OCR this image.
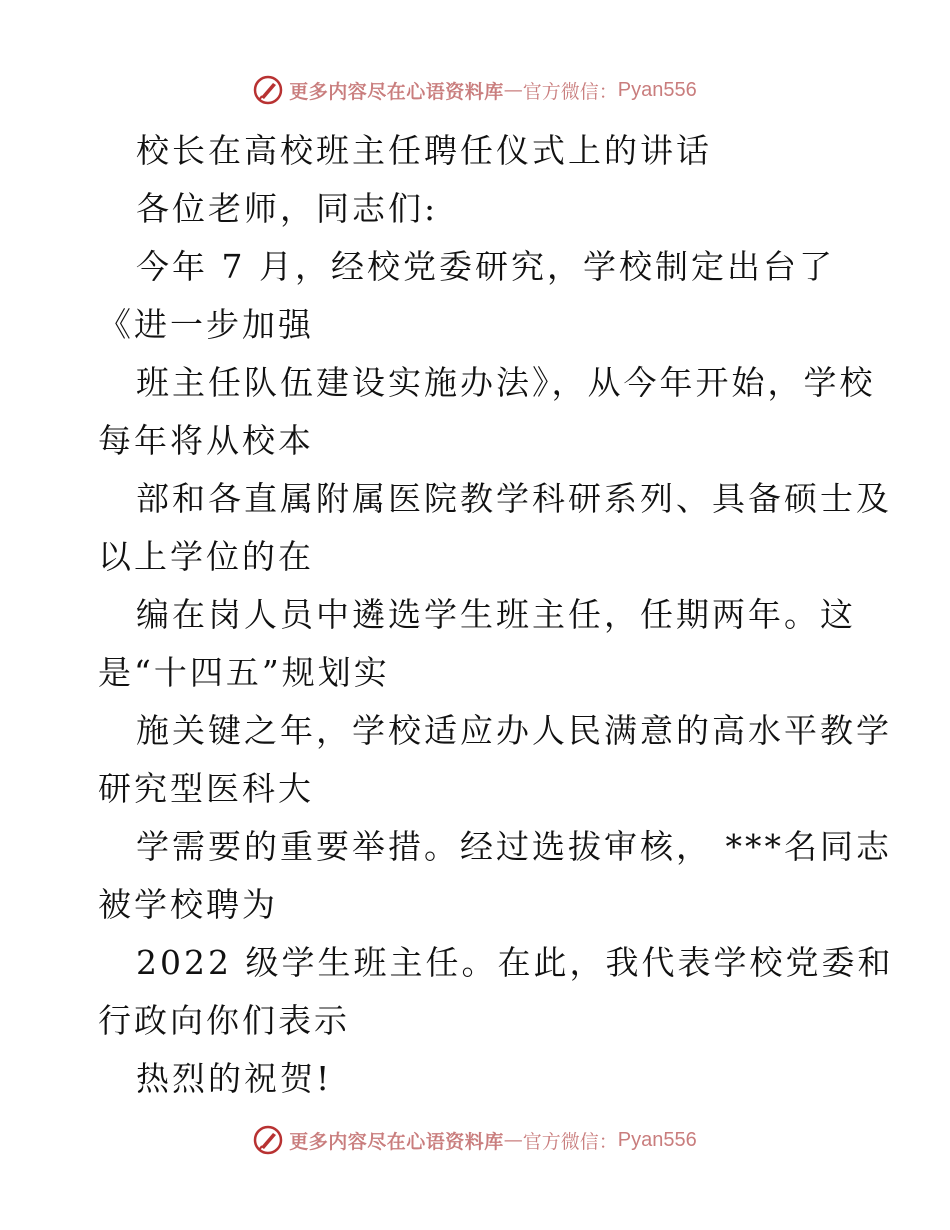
更多内容尽在心语资料库 — 官方微信： Pyan556
校长在高校班主任聘任仪式上的讲话
各位老师，同志们:
今年 7 月，经校党委研究，学校制定出台了
《进一步加强
班主任队伍建设实施办法》，从今年开始，学校
每年将从校本
部和各直属附属医院教学科研系列、具备硕士及
以上学位的在
编在岗人员中遴选学生班主任，任期两年。这
是“十四五”规划实
施关键之年，学校适应办人民满意的高水平教学
研究型医科大
学需要的重要举措。经过选拔审核， ***名同志
被学校聘为
2022 级学生班主任。在此，我代表学校党委和
行政向你们表示
热烈的祝贺!
更多内容尽在心语资料库 — 官方微信： Pyan556
